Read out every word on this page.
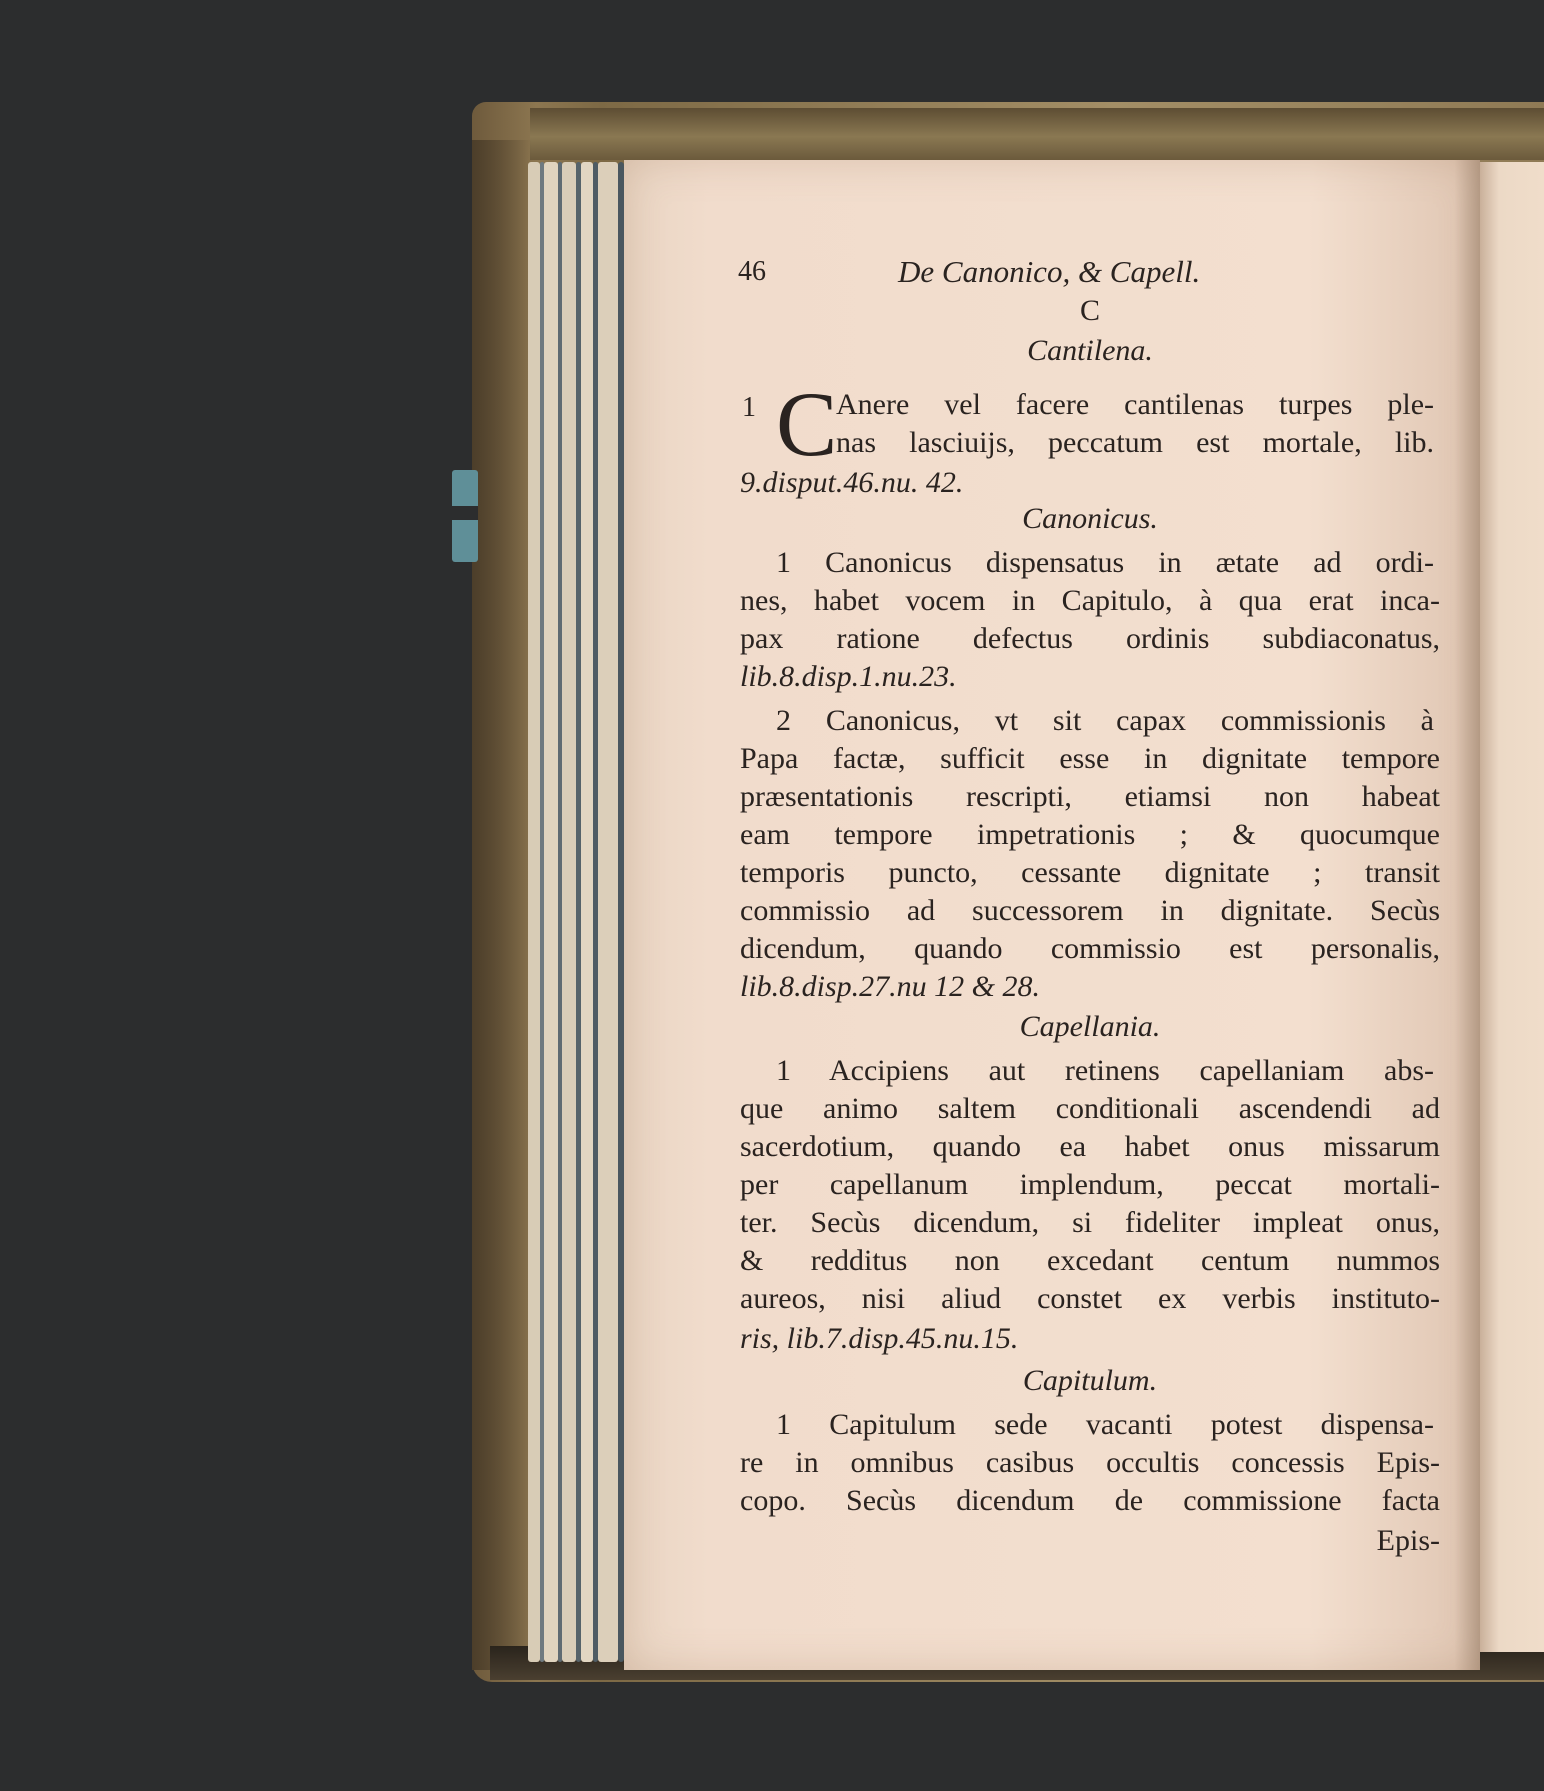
46	De Canonico, & Capell.
C
Cantilena.
1 C
Anere vel facere cantilenas turpes ple-
nas lasciuijs, peccatum est mortale, lib.
9.disput.46.nu. 42.
Canonicus.
1 Canonicus dispensatus in ætate ad ordi-
nes, habet vocem in Capitulo, à qua erat inca-
pax ratione defectus ordinis subdiaconatus,
lib.8.disp.1.nu.23.
2 Canonicus, vt sit capax commissionis à
Papa factæ, sufficit esse in dignitate tempore
præsentationis rescripti, etiamsi non habeat
eam tempore impetrationis ; & quocumque
temporis puncto, cessante dignitate ; transit
commissio ad successorem in dignitate. Secùs
dicendum, quando commissio est personalis,
lib.8.disp.27.nu 12 & 28.
Capellania.
1 Accipiens aut retinens capellaniam abs-
que animo saltem conditionali ascendendi ad
sacerdotium, quando ea habet onus missarum
per capellanum implendum, peccat mortali-
ter. Secùs dicendum, si fideliter impleat onus,
& redditus non excedant centum nummos
aureos, nisi aliud constet ex verbis instituto-
ris, lib.7.disp.45.nu.15.
Capitulum.
1 Capitulum sede vacanti potest dispensa-
re in omnibus casibus occultis concessis Epis-
copo. Secùs dicendum de commissione facta
Epis-
